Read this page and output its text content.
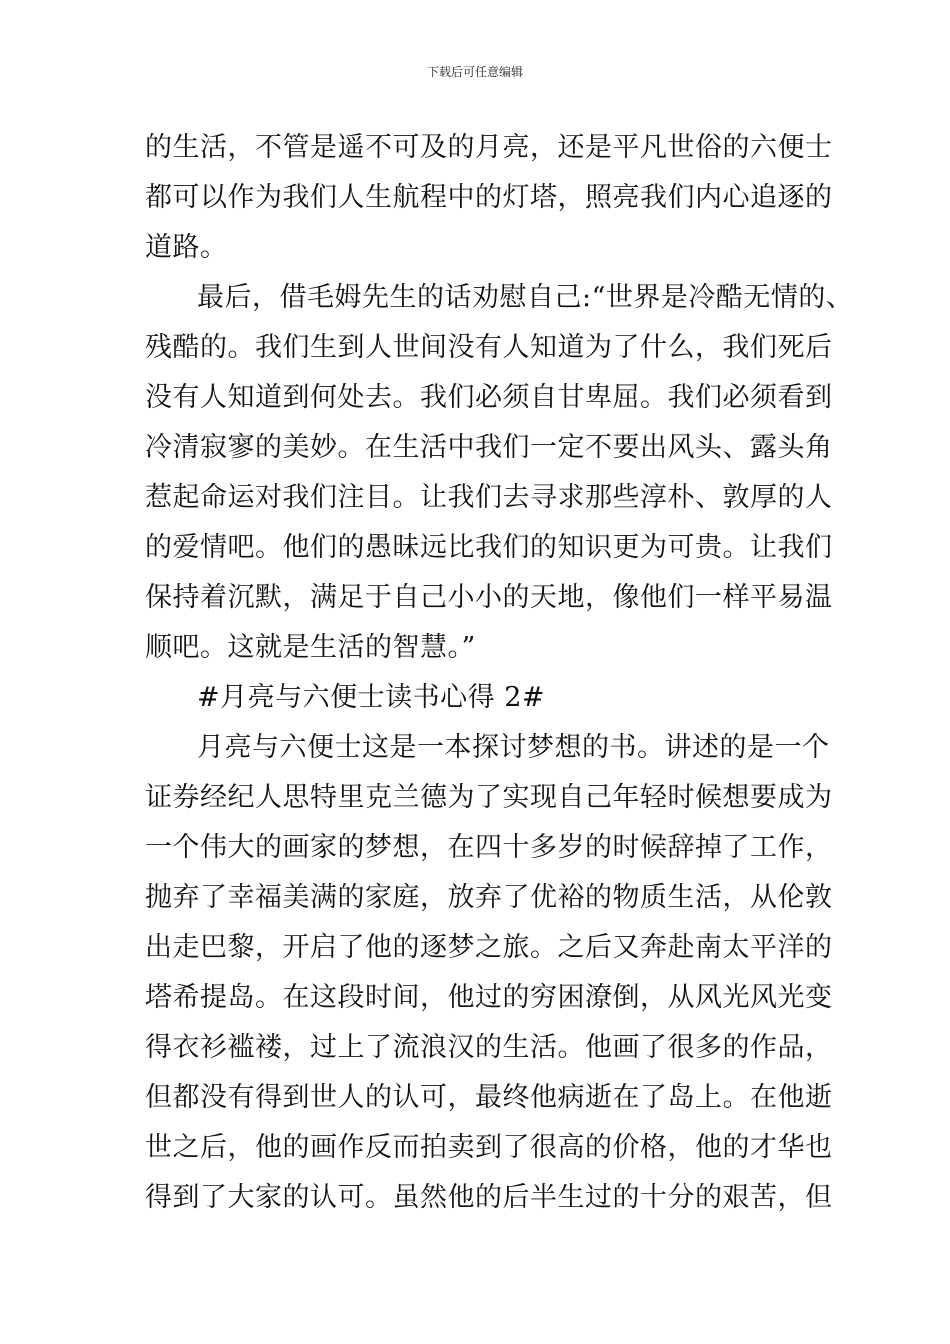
下载后可任意编辑
的生活，不管是遥不可及的月亮，还是平凡世俗的六便士
都可以作为我们人生航程中的灯塔，照亮我们内心追逐的
道路。
最后，借毛姆先生的话劝慰自己:“世界是冷酷无情的、
残酷的。我们生到人世间没有人知道为了什么，我们死后
没有人知道到何处去。我们必须自甘卑屈。我们必须看到
冷清寂寥的美妙。在生活中我们一定不要出风头、露头角
惹起命运对我们注目。让我们去寻求那些淳朴、敦厚的人
的爱情吧。他们的愚昧远比我们的知识更为可贵。让我们
保持着沉默，满足于自己小小的天地，像他们一样平易温
顺吧。这就是生活的智慧。”
#月亮与六便士读书心得 2#
月亮与六便士这是一本探讨梦想的书。讲述的是一个
证券经纪人思特里克兰德为了实现自己年轻时候想要成为
一个伟大的画家的梦想，在四十多岁的时候辞掉了工作，
抛弃了幸福美满的家庭，放弃了优裕的物质生活，从伦敦
出走巴黎，开启了他的逐梦之旅。之后又奔赴南太平洋的
塔希提岛。在这段时间，他过的穷困潦倒，从风光风光变
得衣衫褴褛，过上了流浪汉的生活。他画了很多的作品，
但都没有得到世人的认可，最终他病逝在了岛上。在他逝
世之后，他的画作反而拍卖到了很高的价格，他的才华也
得到了大家的认可。虽然他的后半生过的十分的艰苦，但
